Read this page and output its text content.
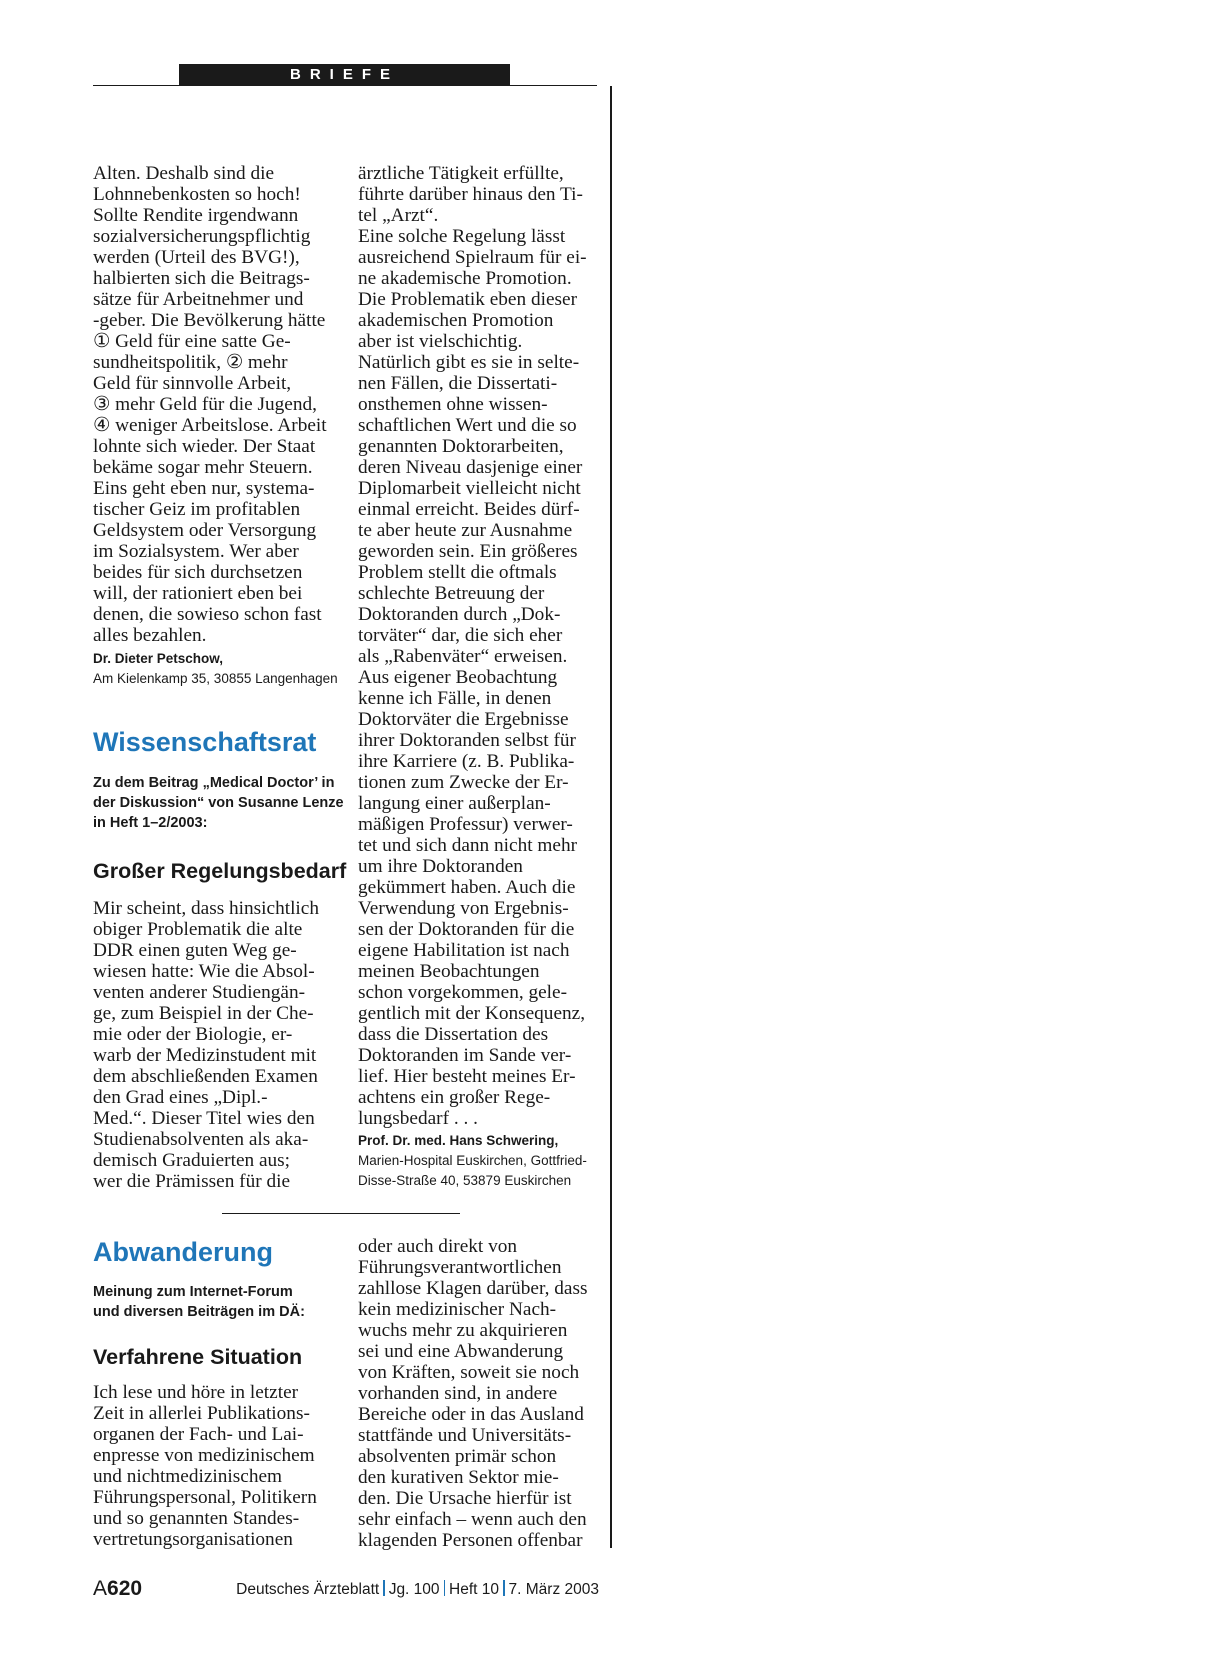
BRIEFE
Alten. Deshalb sind die
Lohnnebenkosten so hoch!
Sollte Rendite irgendwann
sozialversicherungspflichtig
werden (Urteil des BVG!),
halbierten sich die Beitrags-
sätze für Arbeitnehmer und
-geber. Die Bevölkerung hätte
① Geld für eine satte Ge-
sundheitspolitik, ② mehr
Geld für sinnvolle Arbeit,
③ mehr Geld für die Jugend,
④ weniger Arbeitslose. Arbeit
lohnte sich wieder. Der Staat
bekäme sogar mehr Steuern.
Eins geht eben nur, systema-
tischer Geiz im profitablen
Geldsystem oder Versorgung
im Sozialsystem. Wer aber
beides für sich durchsetzen
will, der rationiert eben bei
denen, die sowieso schon fast
alles bezahlen.

Dr. Dieter Petschow,

Am Kielenkamp 35, 30855 Langenhagen
Wissenschaftsrat
Zu dem Beitrag „Medical Doctor’ in
der Diskussion“ von Susanne Lenze
in Heft 1–2/2003:
Großer Regelungsbedarf
Mir scheint, dass hinsichtlich
obiger Problematik die alte
DDR einen guten Weg ge-
wiesen hatte: Wie die Absol-
venten anderer Studiengän-
ge, zum Beispiel in der Che-
mie oder der Biologie, er-
warb der Medizinstudent mit
dem abschließenden Examen
den Grad eines „Dipl.-
Med.“. Dieser Titel wies den
Studienabsolventen als aka-
demisch Graduierten aus;
wer die Prämissen für die
ärztliche Tätigkeit erfüllte,
führte darüber hinaus den Ti-
tel „Arzt“.
Eine solche Regelung lässt
ausreichend Spielraum für ei-
ne akademische Promotion.
Die Problematik eben dieser
akademischen Promotion
aber ist vielschichtig.
Natürlich gibt es sie in selte-
nen Fällen, die Dissertati-
onsthemen ohne wissen-
schaftlichen Wert und die so
genannten Doktorarbeiten,
deren Niveau dasjenige einer
Diplomarbeit vielleicht nicht
einmal erreicht. Beides dürf-
te aber heute zur Ausnahme
geworden sein. Ein größeres
Problem stellt die oftmals
schlechte Betreuung der
Doktoranden durch „Dok-
torväter“ dar, die sich eher
als „Rabenväter“ erweisen.
Aus eigener Beobachtung
kenne ich Fälle, in denen
Doktorväter die Ergebnisse
ihrer Doktoranden selbst für
ihre Karriere (z. B. Publika-
tionen zum Zwecke der Er-
langung einer außerplan-
mäßigen Professur) verwer-
tet und sich dann nicht mehr
um ihre Doktoranden
gekümmert haben. Auch die
Verwendung von Ergebnis-
sen der Doktoranden für die
eigene Habilitation ist nach
meinen Beobachtungen
schon vorgekommen, gele-
gentlich mit der Konsequenz,
dass die Dissertation des
Doktoranden im Sande ver-
lief. Hier besteht meines Er-
achtens ein großer Rege-
lungsbedarf . . .

Prof. Dr. med. Hans Schwering,

Marien-Hospital Euskirchen, Gottfried-
Disse-Straße 40, 53879 Euskirchen
Abwanderung
Meinung zum Internet-Forum
und diversen Beiträgen im DÄ:
Verfahrene Situation
Ich lese und höre in letzter
Zeit in allerlei Publikations-
organen der Fach- und Lai-
enpresse von medizinischem
und nichtmedizinischem
Führungspersonal, Politikern
und so genannten Standes-
vertretungsorganisationen
oder auch direkt von
Führungsverantwortlichen
zahllose Klagen darüber, dass
kein medizinischer Nach-
wuchs mehr zu akquirieren
sei und eine Abwanderung
von Kräften, soweit sie noch
vorhanden sind, in andere
Bereiche oder in das Ausland
stattfände und Universitäts-
absolventen primär schon
den kurativen Sektor mie-
den. Die Ursache hierfür ist
sehr einfach – wenn auch den
klagenden Personen offenbar
A620	Deutsches Ärzteblatt Jg. 100 Heft 10 7. März 2003
